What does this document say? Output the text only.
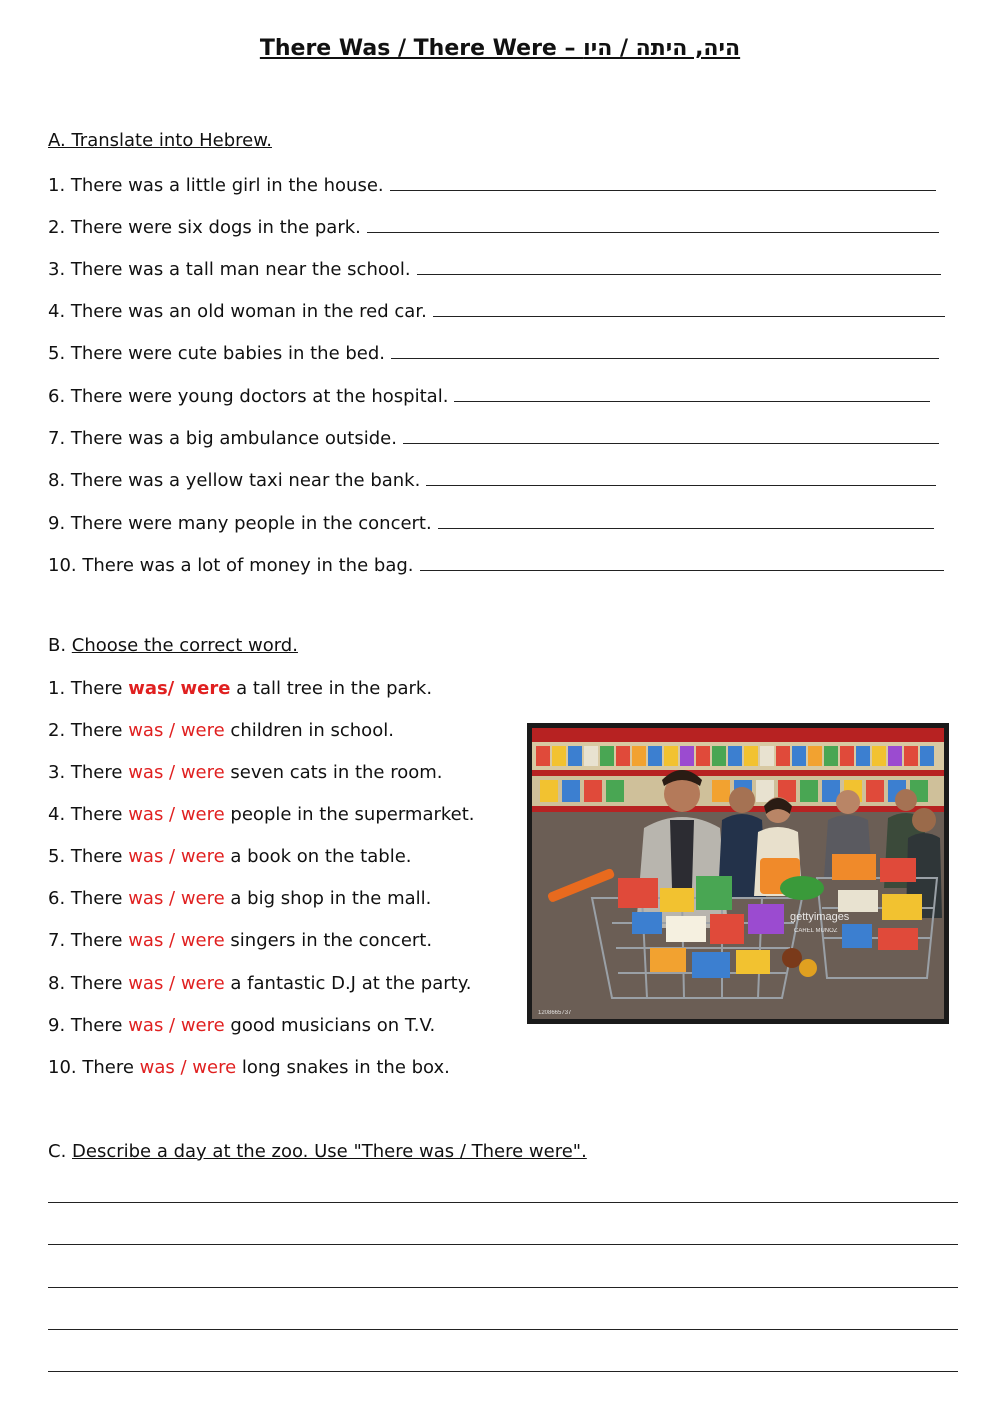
There Was / There Were – היה, היתה / היו
A. Translate into Hebrew.
1. There was a little girl in the house.
2. There were six dogs in the park.
3. There was a tall man near the school.
4. There was an old woman in the red car.
5. There were cute babies in the bed.
6. There were young doctors at the hospital.
7. There was a big ambulance outside.
8. There was a yellow taxi near the bank.
9. There were many people in the concert.
10. There was a lot of money in the bag.
B. Choose the correct word.
1. There was/ were a tall tree in the park.
2. There was / were children in school.
3. There was / were seven cats in the room.
4. There was / were people in the supermarket.
5. There was / were a book on the table.
6. There was / were a big shop in the mall.
7. There was / were singers in the concert.
8. There was / were a fantastic D.J at the party.
9. There was / were good musicians on T.V.
10. There was / were long snakes in the box.
gettyimages
CAREL MUNOZ
1208665737
C. Describe a day at the zoo. Use "There was / There were".
